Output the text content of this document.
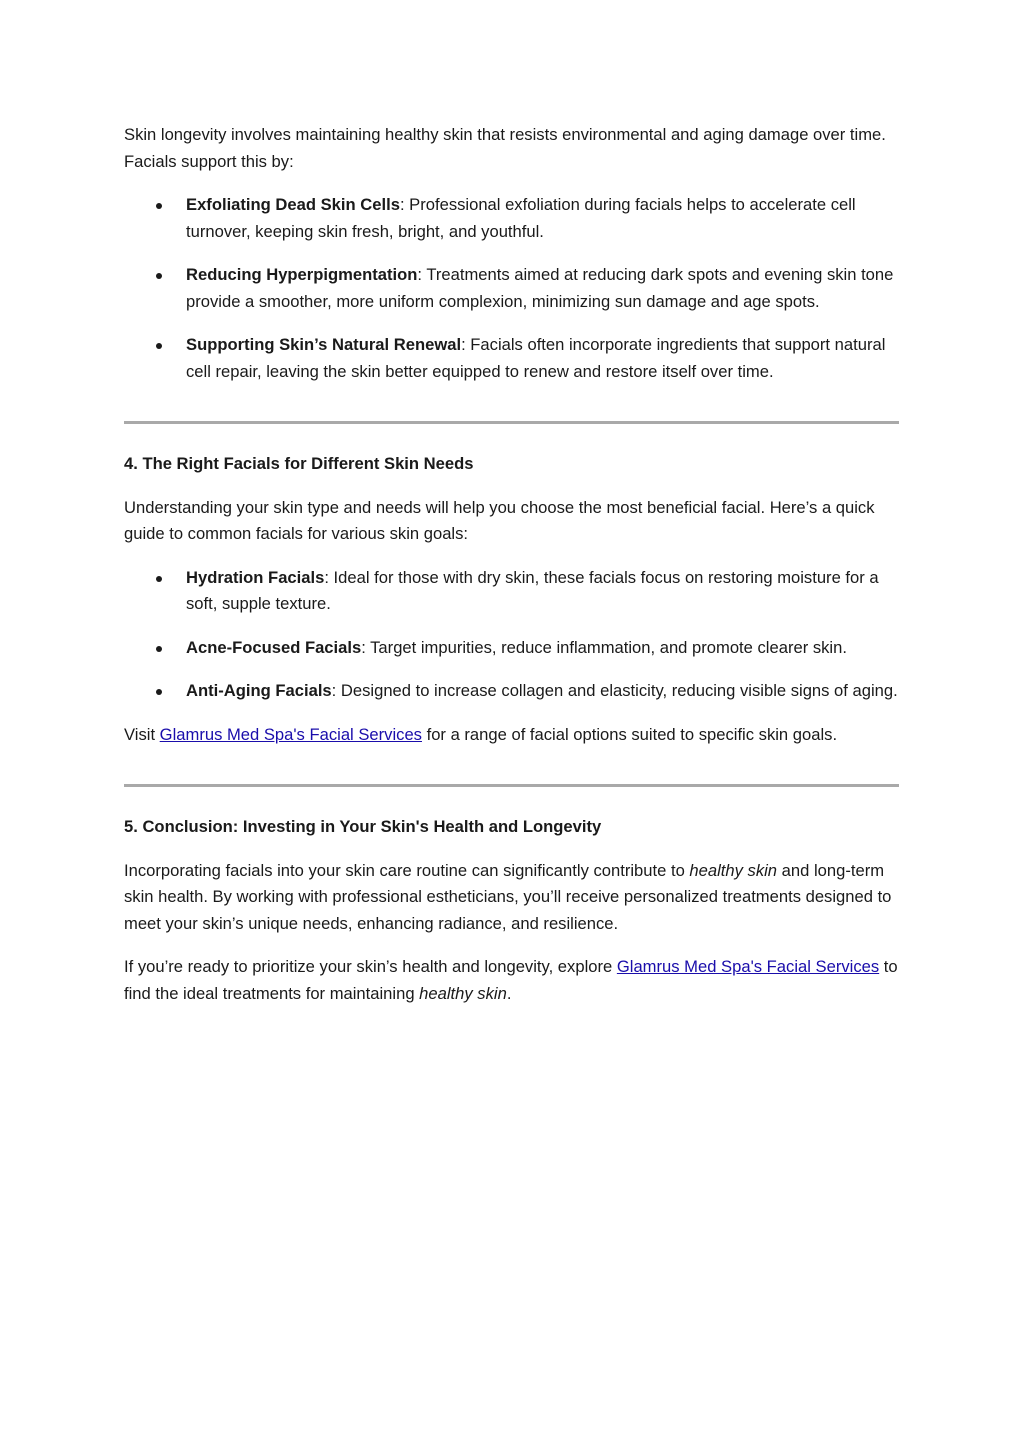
Skin longevity involves maintaining healthy skin that resists environmental and aging damage over time. Facials support this by:

Exfoliating Dead Skin Cells: Professional exfoliation during facials helps to accelerate cell turnover, keeping skin fresh, bright, and youthful.
Reducing Hyperpigmentation: Treatments aimed at reducing dark spots and evening skin tone provide a smoother, more uniform complexion, minimizing sun damage and age spots.
Supporting Skin’s Natural Renewal: Facials often incorporate ingredients that support natural cell repair, leaving the skin better equipped to renew and restore itself over time.
4. The Right Facials for Different Skin Needs

Understanding your skin type and needs will help you choose the most beneficial facial. Here’s a quick guide to common facials for various skin goals:

Hydration Facials: Ideal for those with dry skin, these facials focus on restoring moisture for a soft, supple texture.
Acne-Focused Facials: Target impurities, reduce inflammation, and promote clearer skin.
Anti-Aging Facials: Designed to increase collagen and elasticity, reducing visible signs of aging.

Visit Glamrus Med Spa's Facial Services for a range of facial options suited to specific skin goals.

5. Conclusion: Investing in Your Skin's Health and Longevity

Incorporating facials into your skin care routine can significantly contribute to healthy skin and long-term skin health. By working with professional estheticians, you’ll receive personalized treatments designed to meet your skin’s unique needs, enhancing radiance, and resilience.

If you’re ready to prioritize your skin’s health and longevity, explore Glamrus Med Spa's Facial Services to find the ideal treatments for maintaining healthy skin.
